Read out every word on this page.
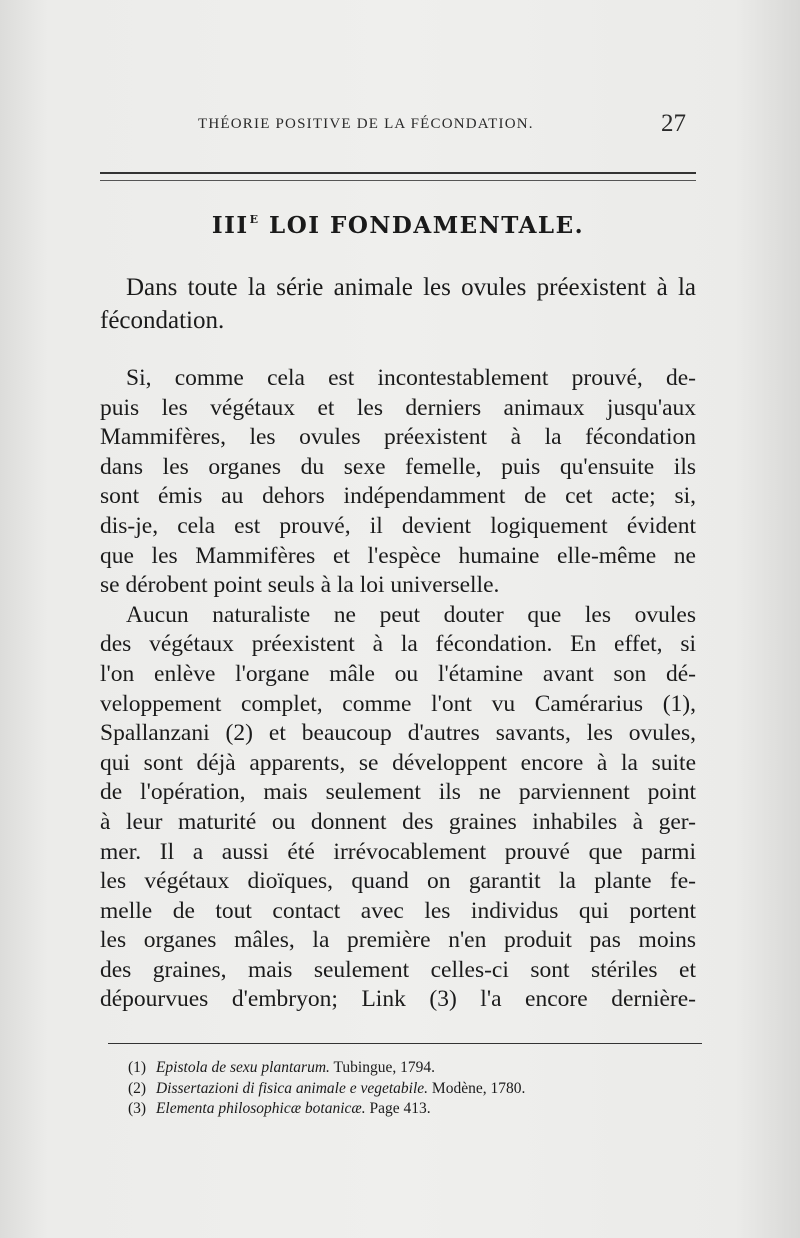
THÉORIE POSITIVE DE LA FÉCONDATION.	27
$III^E$ LOI FONDAMENTALE.

Dans toute la série animale les ovules préexistent à la fécondation.

Si, comme cela est incontestablement prouvé, de-
puis les végétaux et les derniers animaux jusqu'aux
Mammifères, les ovules préexistent à la fécondation
dans les organes du sexe femelle, puis qu'ensuite ils
sont émis au dehors indépendamment de cet acte; si,
dis-je, cela est prouvé, il devient logiquement évident
que les Mammifères et l'espèce humaine elle-même ne
se dérobent point seuls à la loi universelle.
Aucun naturaliste ne peut douter que les ovules
des végétaux préexistent à la fécondation. En effet, si
l'on enlève l'organe mâle ou l'étamine avant son dé-
veloppement complet, comme l'ont vu Camérarius (1),
Spallanzani (2) et beaucoup d'autres savants, les ovules,
qui sont déjà apparents, se développent encore à la suite
de l'opération, mais seulement ils ne parviennent point
à leur maturité ou donnent des graines inhabiles à ger-
mer. Il a aussi été irrévocablement prouvé que parmi
les végétaux dioïques, quand on garantit la plante fe-
melle de tout contact avec les individus qui portent
les organes mâles, la première n'en produit pas moins
des graines, mais seulement celles-ci sont stériles et
dépourvues d'embryon; Link (3) l'a encore dernière-
(1) Epistola de sexu plantarum. Tubingue, 1794.
(2) Dissertazioni di fisica animale e vegetabile. Modène, 1780.
(3) Elementa philosophicæ botanicæ. Page 413.
